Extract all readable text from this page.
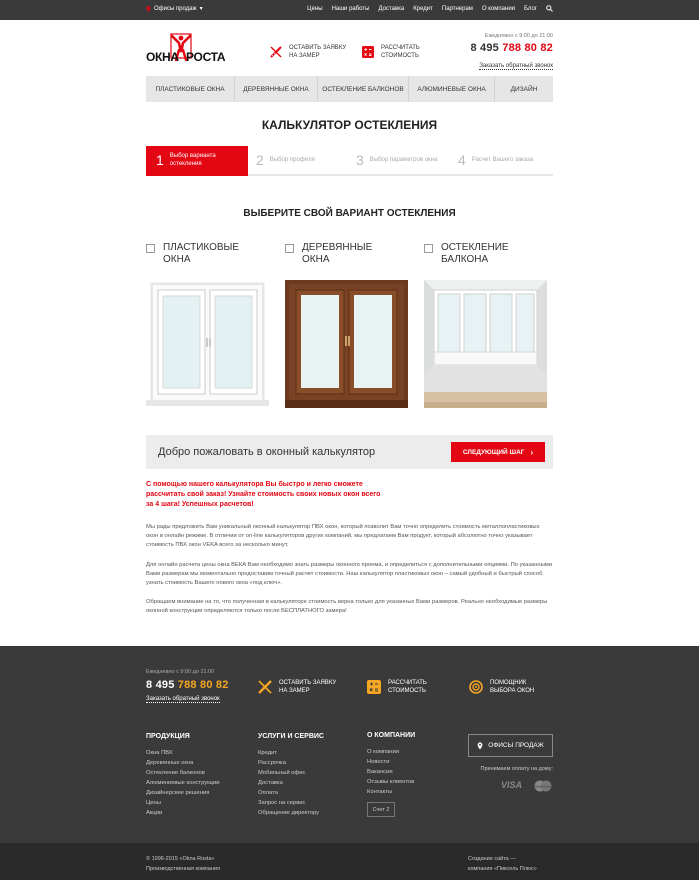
Офисы продаж ▾	Цены Наши работы Доставка Кредит Партнерам О компании Блог
ОКНА РОСТА
ОСТАВИТЬ ЗАЯВКУ НА ЗАМЕР
РАССЧИТАТЬ СТОИМОСТЬ
Ежедневно с 9:00 до 21:00
8 495 788 80 82
Заказать обратный звонок
ПЛАСТИКОВЫЕ ОКНА	ДЕРЕВЯННЫЕ ОКНА	ОСТЕКЛЕНИЕ БАЛКОНОВ	АЛЮМИНЕВЫЕ ОКНА	ДИЗАЙН
КАЛЬКУЛЯТОР ОСТЕКЛЕНИЯ
1 Выбор варианта остекления	2 Выбор профиля	3 Выбор параметров окна 4 Расчет Вашего заказа
ВЫБЕРИТЕ СВОЙ ВАРИАНТ ОСТЕКЛЕНИЯ
ПЛАСТИКОВЫЕ ОКНА
ДЕРЕВЯННЫЕ ОКНА
ОСТЕКЛЕНИЕ БАЛКОНА
Добро пожаловать в оконный калькулятор	СЛЕДУЮЩИЙ ШАГ ›
С помощью нашего калькулятора Вы быстро и легко сможете рассчитать свой заказ! Узнайте стоимость своих новых окон всего за 4 шага! Успешных расчетов!
Мы рады предложить Вам уникальный оконный калькулятор ПВХ окон, который позволит Вам точно определить стоимость металлопластиковых окон в онлайн режиме. В отличии от on-line калькуляторов других компаний, мы предлагаем Вам продукт, который абсолютно точно указывает стоимость ПВХ окон VEKA всего за несколько минут.
Для онлайн расчета цены окна ВЕКА Вам необходимо знать размеры оконного проема, и определиться с дополнительными опциями. По указанными Вами размерам мы моментально предоставим точный расчет стоимости. Наш калькулятор пластиковых окон – самый удобный и быстрый способ узнать стоимость Вашего нового окна «под ключ».
Обращаем внимание на то, что полученная в калькуляторе стоимость верна только для указанных Вами размеров. Реально необходимые размеры оконной конструкции определяются только после БЕСПЛАТНОГО замера!
Ежедневно с 9:00 до 21:00
8 495 788 80 82
Заказать обратный звонок
ОСТАВИТЬ ЗАЯВКУ НА ЗАМЕР
РАССЧИТАТЬ СТОИМОСТЬ
ПОМОЩНИК ВЫБОРА ОКОН
ПРОДУКЦИЯ
Окна ПВХ
Деревянные окна
Остекление балконов
Алюминиевые конструкции
Дизайнерские решения
Цены
Акции
УСЛУГИ И СЕРВИС
Кредит
Рассрочка
Мобильный офис
Доставка
Оплата
Запрос на сервис
Обращение директору
О КОМПАНИИ
О компании
Новости
Вакансии
Отзывы клиентов
Контакты
Счет 2
ОФИСЫ ПРОДАЖ
Принимаем оплату на дому:
VISA	MasterCard
© 1996-2015 «Okna Rosta»
Производственная компания
Создание сайта —
компания «Пиксель Плюс»
